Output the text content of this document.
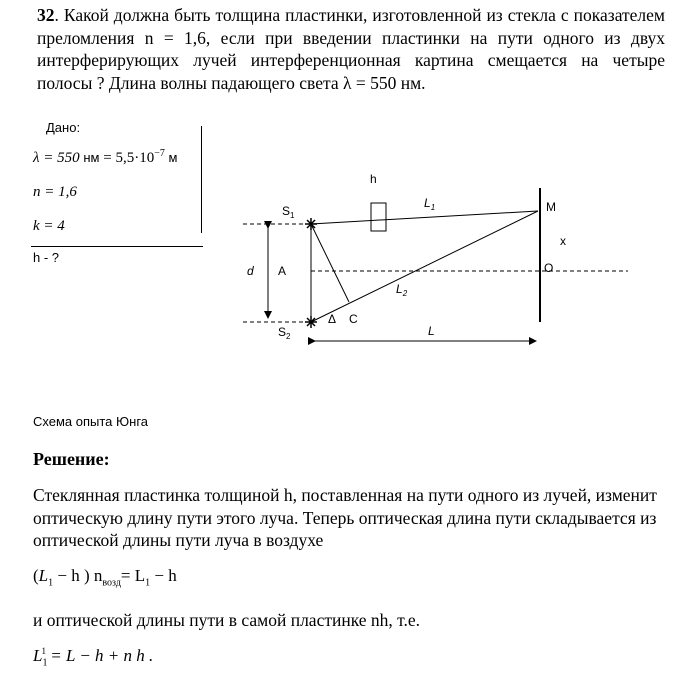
32. Какой должна быть толщина пластинки, изготовленной из стекла с показателем преломления n = 1,6, если при введении пластинки на пути одного из двух интерферирующих лучей интерференционная картина смещается на четыре полосы ? Длина волны падающего света λ = 550 нм.
Дано:
λ = 550 нм = $5,5\cdot 10^{-7}$ м
n = 1,6
k = 4
h - ?
h
$L_1$	M
x
O
$S_1$
$S_2$
d A
$L_2$
Δ C
L
Схема опыта Юнга
Решение:
Стеклянная пластинка толщиной h, поставленная на пути одного из лучей, изменит оптическую длину пути этого луча. Теперь оптическая длина пути складывается из оптической длины пути луча в воздухе
($L_1 - h$ ) $n_{возд}= L_1 - h$
и оптической длины пути в самой пластинке nh, т.е.
$L_1^1 = L - h + n$ h .
